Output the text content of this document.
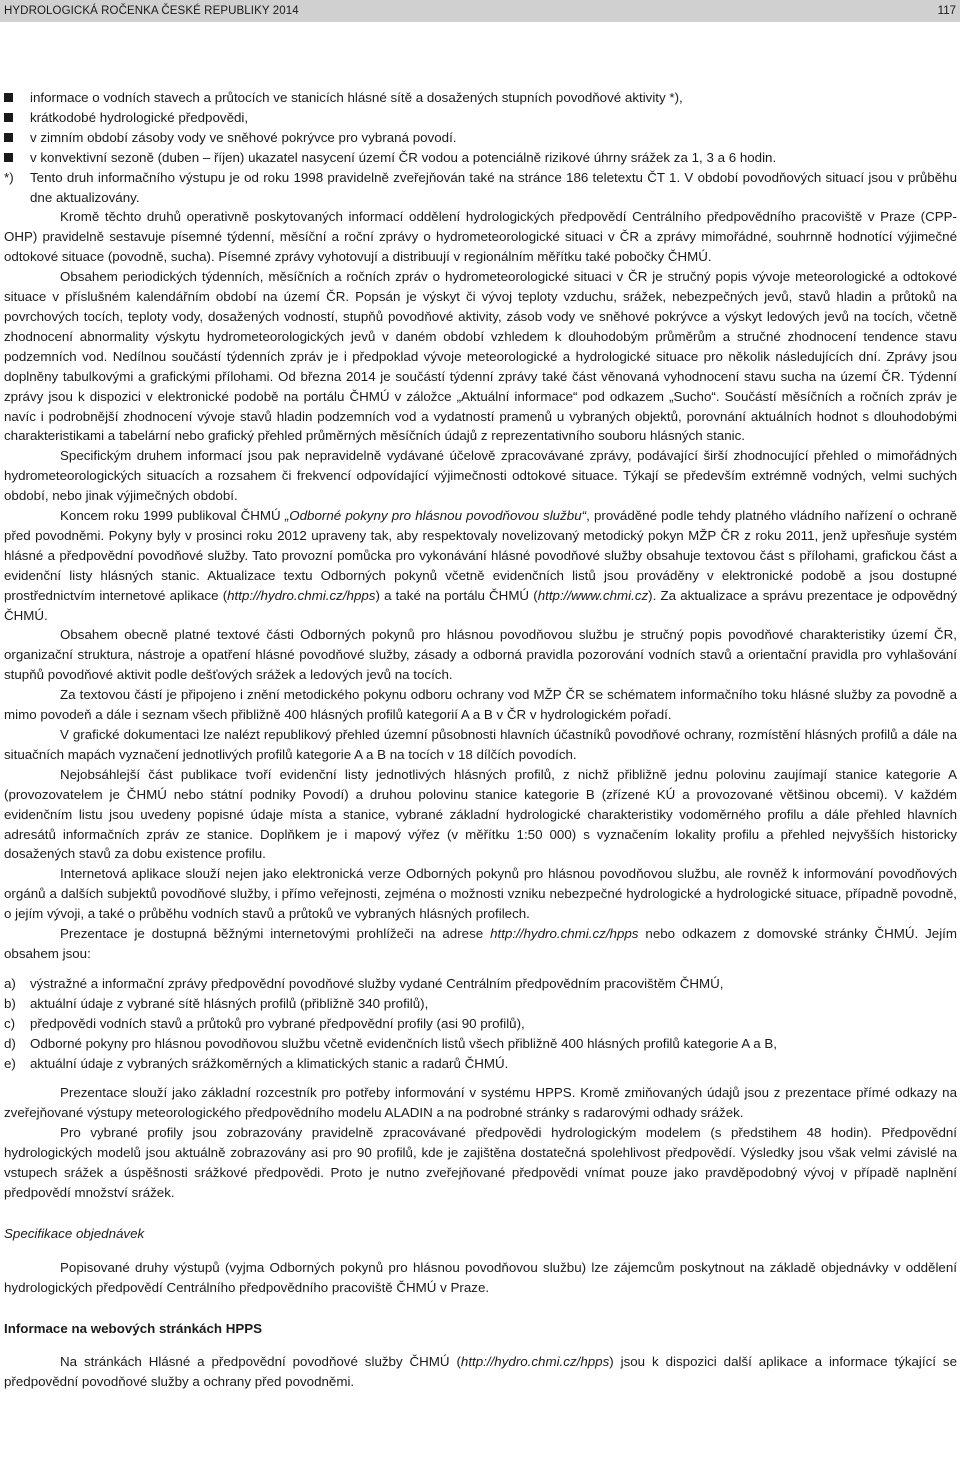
HYDROLOGICKÁ ROČENKA ČESKÉ REPUBLIKY 2014	117
informace o vodních stavech a průtocích ve stanicích hlásné sítě a dosažených stupních povodňové aktivity *),
krátkodobé hydrologické předpovědi,
v zimním období zásoby vody ve sněhové pokrývce pro vybraná povodí.
v konvektivní sezoně (duben – říjen) ukazatel nasycení území ČR vodou a potenciálně rizikové úhrny srážek za 1, 3 a 6 hodin.
*) Tento druh informačního výstupu je od roku 1998 pravidelně zveřejňován také na stránce 186 teletextu ČT 1. V období povodňových situací jsou v průběhu dne aktualizovány.

Kromě těchto druhů operativně poskytovaných informací oddělení hydrologických předpovědí Centrálního předpovědního pracoviště v Praze (CPP-OHP) pravidelně sestavuje písemné týdenní, měsíční a roční zprávy o hydrometeorologické situaci v ČR a zprávy mimořádné, souhrnně hodnotící výjimečné odtokové situace (povodně, sucha). Písemné zprávy vyhotovují a distribuují v regionálním měřítku také pobočky ČHMÚ.

Obsahem periodických týdenních, měsíčních a ročních zpráv o hydrometeorologické situaci v ČR je stručný popis vývoje meteorologické a odtokové situace v příslušném kalendářním období na území ČR. Popsán je výskyt či vývoj teploty vzduchu, srážek, nebezpečných jevů, stavů hladin a průtoků na povrchových tocích, teploty vody, dosažených vodností, stupňů povodňové aktivity, zásob vody ve sněhové pokrývce a výskyt ledových jevů na tocích, včetně zhodnocení abnormality výskytu hydrometeorologických jevů v daném období vzhledem k dlouhodobým průměrům a stručné zhodnocení tendence stavu podzemních vod. Nedílnou součástí týdenních zpráv je i předpoklad vývoje meteorologické a hydrologické situace pro několik následujících dní. Zprávy jsou doplněny tabulkovými a grafickými přílohami. Od března 2014 je součástí týdenní zprávy také část věnovaná vyhodnocení stavu sucha na území ČR. Týdenní zprávy jsou k dispozici v elektronické podobě na portálu ČHMÚ v záložce „Aktuální informace“ pod odkazem „Sucho“. Součástí měsíčních a ročních zpráv je navíc i podrobnější zhodnocení vývoje stavů hladin podzemních vod a vydatností pramenů u vybraných objektů, porovnání aktuálních hodnot s dlouhodobými charakteristikami a tabelární nebo grafický přehled průměrných měsíčních údajů z reprezentativního souboru hlásných stanic.

Specifickým druhem informací jsou pak nepravidelně vydávané účelově zpracovávané zprávy, podávající širší zhodnocující přehled o mimořádných hydrometeorologických situacích a rozsahem či frekvencí odpovídající výjimečnosti odtokové situace. Týkají se především extrémně vodných, velmi suchých období, nebo jinak výjimečných období.

Koncem roku 1999 publikoval ČHMÚ „Odborné pokyny pro hlásnou povodňovou službu“, prováděné podle tehdy platného vládního nařízení o ochraně před povodněmi. Pokyny byly v prosinci roku 2012 upraveny tak, aby respektovaly novelizovaný metodický pokyn MŽP ČR z roku 2011, jenž upřesňuje systém hlásné a předpovědní povodňové služby. Tato provozní pomůcka pro vykonávání hlásné povodňové služby obsahuje textovou část s přílohami, grafickou část a evidenční listy hlásných stanic. Aktualizace textu Odborných pokynů včetně evidenčních listů jsou prováděny v elektronické podobě a jsou dostupné prostřednictvím internetové aplikace (http://hydro.chmi.cz/hpps) a také na portálu ČHMÚ (http://www.chmi.cz). Za aktualizace a správu prezentace je odpovědný ČHMÚ.

Obsahem obecně platné textové části Odborných pokynů pro hlásnou povodňovou službu je stručný popis povodňové charakteristiky území ČR, organizační struktura, nástroje a opatření hlásné povodňové služby, zásady a odborná pravidla pozorování vodních stavů a orientační pravidla pro vyhlašování stupňů povodňové aktivit podle dešťových srážek a ledových jevů na tocích.

Za textovou částí je připojeno i znění metodického pokynu odboru ochrany vod MŽP ČR se schématem informačního toku hlásné služby za povodně a mimo povodeň a dále i seznam všech přibližně 400 hlásných profilů kategorií A a B v ČR v hydrologickém pořadí.

V grafické dokumentaci lze nalézt republikový přehled územní působnosti hlavních účastníků povodňové ochrany, rozmístění hlásných profilů a dále na situačních mapách vyznačení jednotlivých profilů kategorie A a B na tocích v 18 dílčích povodích.

Nejobsáhlejší část publikace tvoří evidenční listy jednotlivých hlásných profilů, z nichž přibližně jednu polovinu zaujímají stanice kategorie A (provozovatelem je ČHMÚ nebo státní podniky Povodí) a druhou polovinu stanice kategorie B (zřízené KÚ a provozované většinou obcemi). V každém evidenčním listu jsou uvedeny popisné údaje místa a stanice, vybrané základní hydrologické charakteristiky vodoměrného profilu a dále přehled hlavních adresátů informačních zpráv ze stanice. Doplňkem je i mapový výřez (v měřítku 1:50 000) s vyznačením lokality profilu a přehled nejvyšších historicky dosažených stavů za dobu existence profilu.

Internetová aplikace slouží nejen jako elektronická verze Odborných pokynů pro hlásnou povodňovou službu, ale rovněž k informování povodňových orgánů a dalších subjektů povodňové služby, i přímo veřejnosti, zejména o možnosti vzniku nebezpečné hydrologické a hydrologické situace, případně povodně, o jejím vývoji, a také o průběhu vodních stavů a průtoků ve vybraných hlásných profilech.

Prezentace je dostupná běžnými internetovými prohlížeči na adrese http://hydro.chmi.cz/hpps nebo odkazem z domovské stránky ČHMÚ. Jejím obsahem jsou:

a) výstražné a informační zprávy předpovědní povodňové služby vydané Centrálním předpovědním pracovištěm ČHMÚ,
b) aktuální údaje z vybrané sítě hlásných profilů (přibližně 340 profilů),
c) předpovědi vodních stavů a průtoků pro vybrané předpovědní profily (asi 90 profilů),
d) Odborné pokyny pro hlásnou povodňovou službu včetně evidenčních listů všech přibližně 400 hlásných profilů kategorie A a B,
e) aktuální údaje z vybraných srážkoměrných a klimatických stanic a radarů ČHMÚ.

Prezentace slouží jako základní rozcestník pro potřeby informování v systému HPPS. Kromě zmiňovaných údajů jsou z prezentace přímé odkazy na zveřejňované výstupy meteorologického předpovědního modelu ALADIN a na podrobné stránky s radarovými odhady srážek.

Pro vybrané profily jsou zobrazovány pravidelně zpracovávané předpovědi hydrologickým modelem (s předstihem 48 hodin). Předpovědní hydrologických modelů jsou aktuálně zobrazovány asi pro 90 profilů, kde je zajištěna dostatečná spolehlivost předpovědí. Výsledky jsou však velmi závislé na vstupech srážek a úspěšnosti srážkové předpovědi. Proto je nutno zveřejňované předpovědi vnímat pouze jako pravděpodobný vývoj v případě naplnění předpovědí množství srážek.

Specifikace objednávek

Popisované druhy výstupů (vyjma Odborných pokynů pro hlásnou povodňovou službu) lze zájemcům poskytnout na základě objednávky v oddělení hydrologických předpovědí Centrálního předpovědního pracoviště ČHMÚ v Praze.

Informace na webových stránkách HPPS

Na stránkách Hlásné a předpovědní povodňové služby ČHMÚ (http://hydro.chmi.cz/hpps) jsou k dispozici další aplikace a informace týkající se předpovědní povodňové služby a ochrany před povodněmi.
